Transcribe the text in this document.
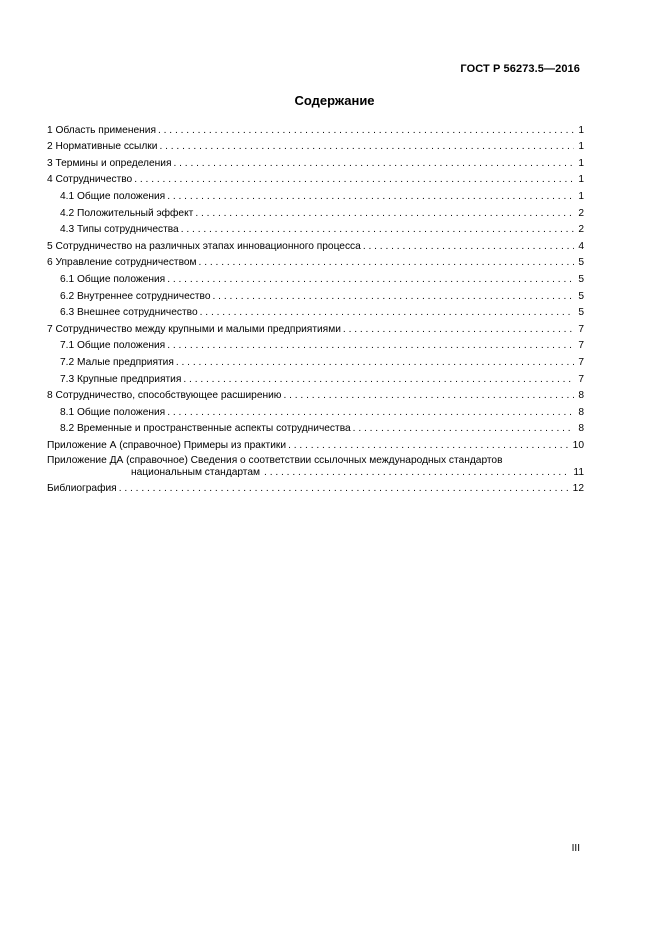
ГОСТ Р 56273.5—2016
Содержание
1 Область применения . . .	1
2 Нормативные ссылки . . .	1
3 Термины и определения . . .	1
4 Сотрудничество . . .	1
4.1 Общие положения . . .	1
4.2 Положительный эффект . . .	2
4.3 Типы сотрудничества . . .	2
5 Сотрудничество на различных этапах инновационного процесса . . .	4
6 Управление сотрудничеством . . .	5
6.1 Общие положения . . .	5
6.2 Внутреннее сотрудничество . . .	5
6.3 Внешнее сотрудничество . . .	5
7 Сотрудничество между крупными и малыми предприятиями . . .	7
7.1 Общие положения . . .	7
7.2 Малые предприятия . . .	7
7.3 Крупные предприятия . . .	7
8 Сотрудничество, способствующее расширению . . .	8
8.1 Общие положения . . .	8
8.2 Временные и пространственные аспекты сотрудничества . . .	8
Приложение А (справочное) Примеры из практики . . .	10
Приложение ДА (справочное) Сведения о соответствии ссылочных международных стандартов
национальным стандартам . . .	11
Библиография . . .	12
III
